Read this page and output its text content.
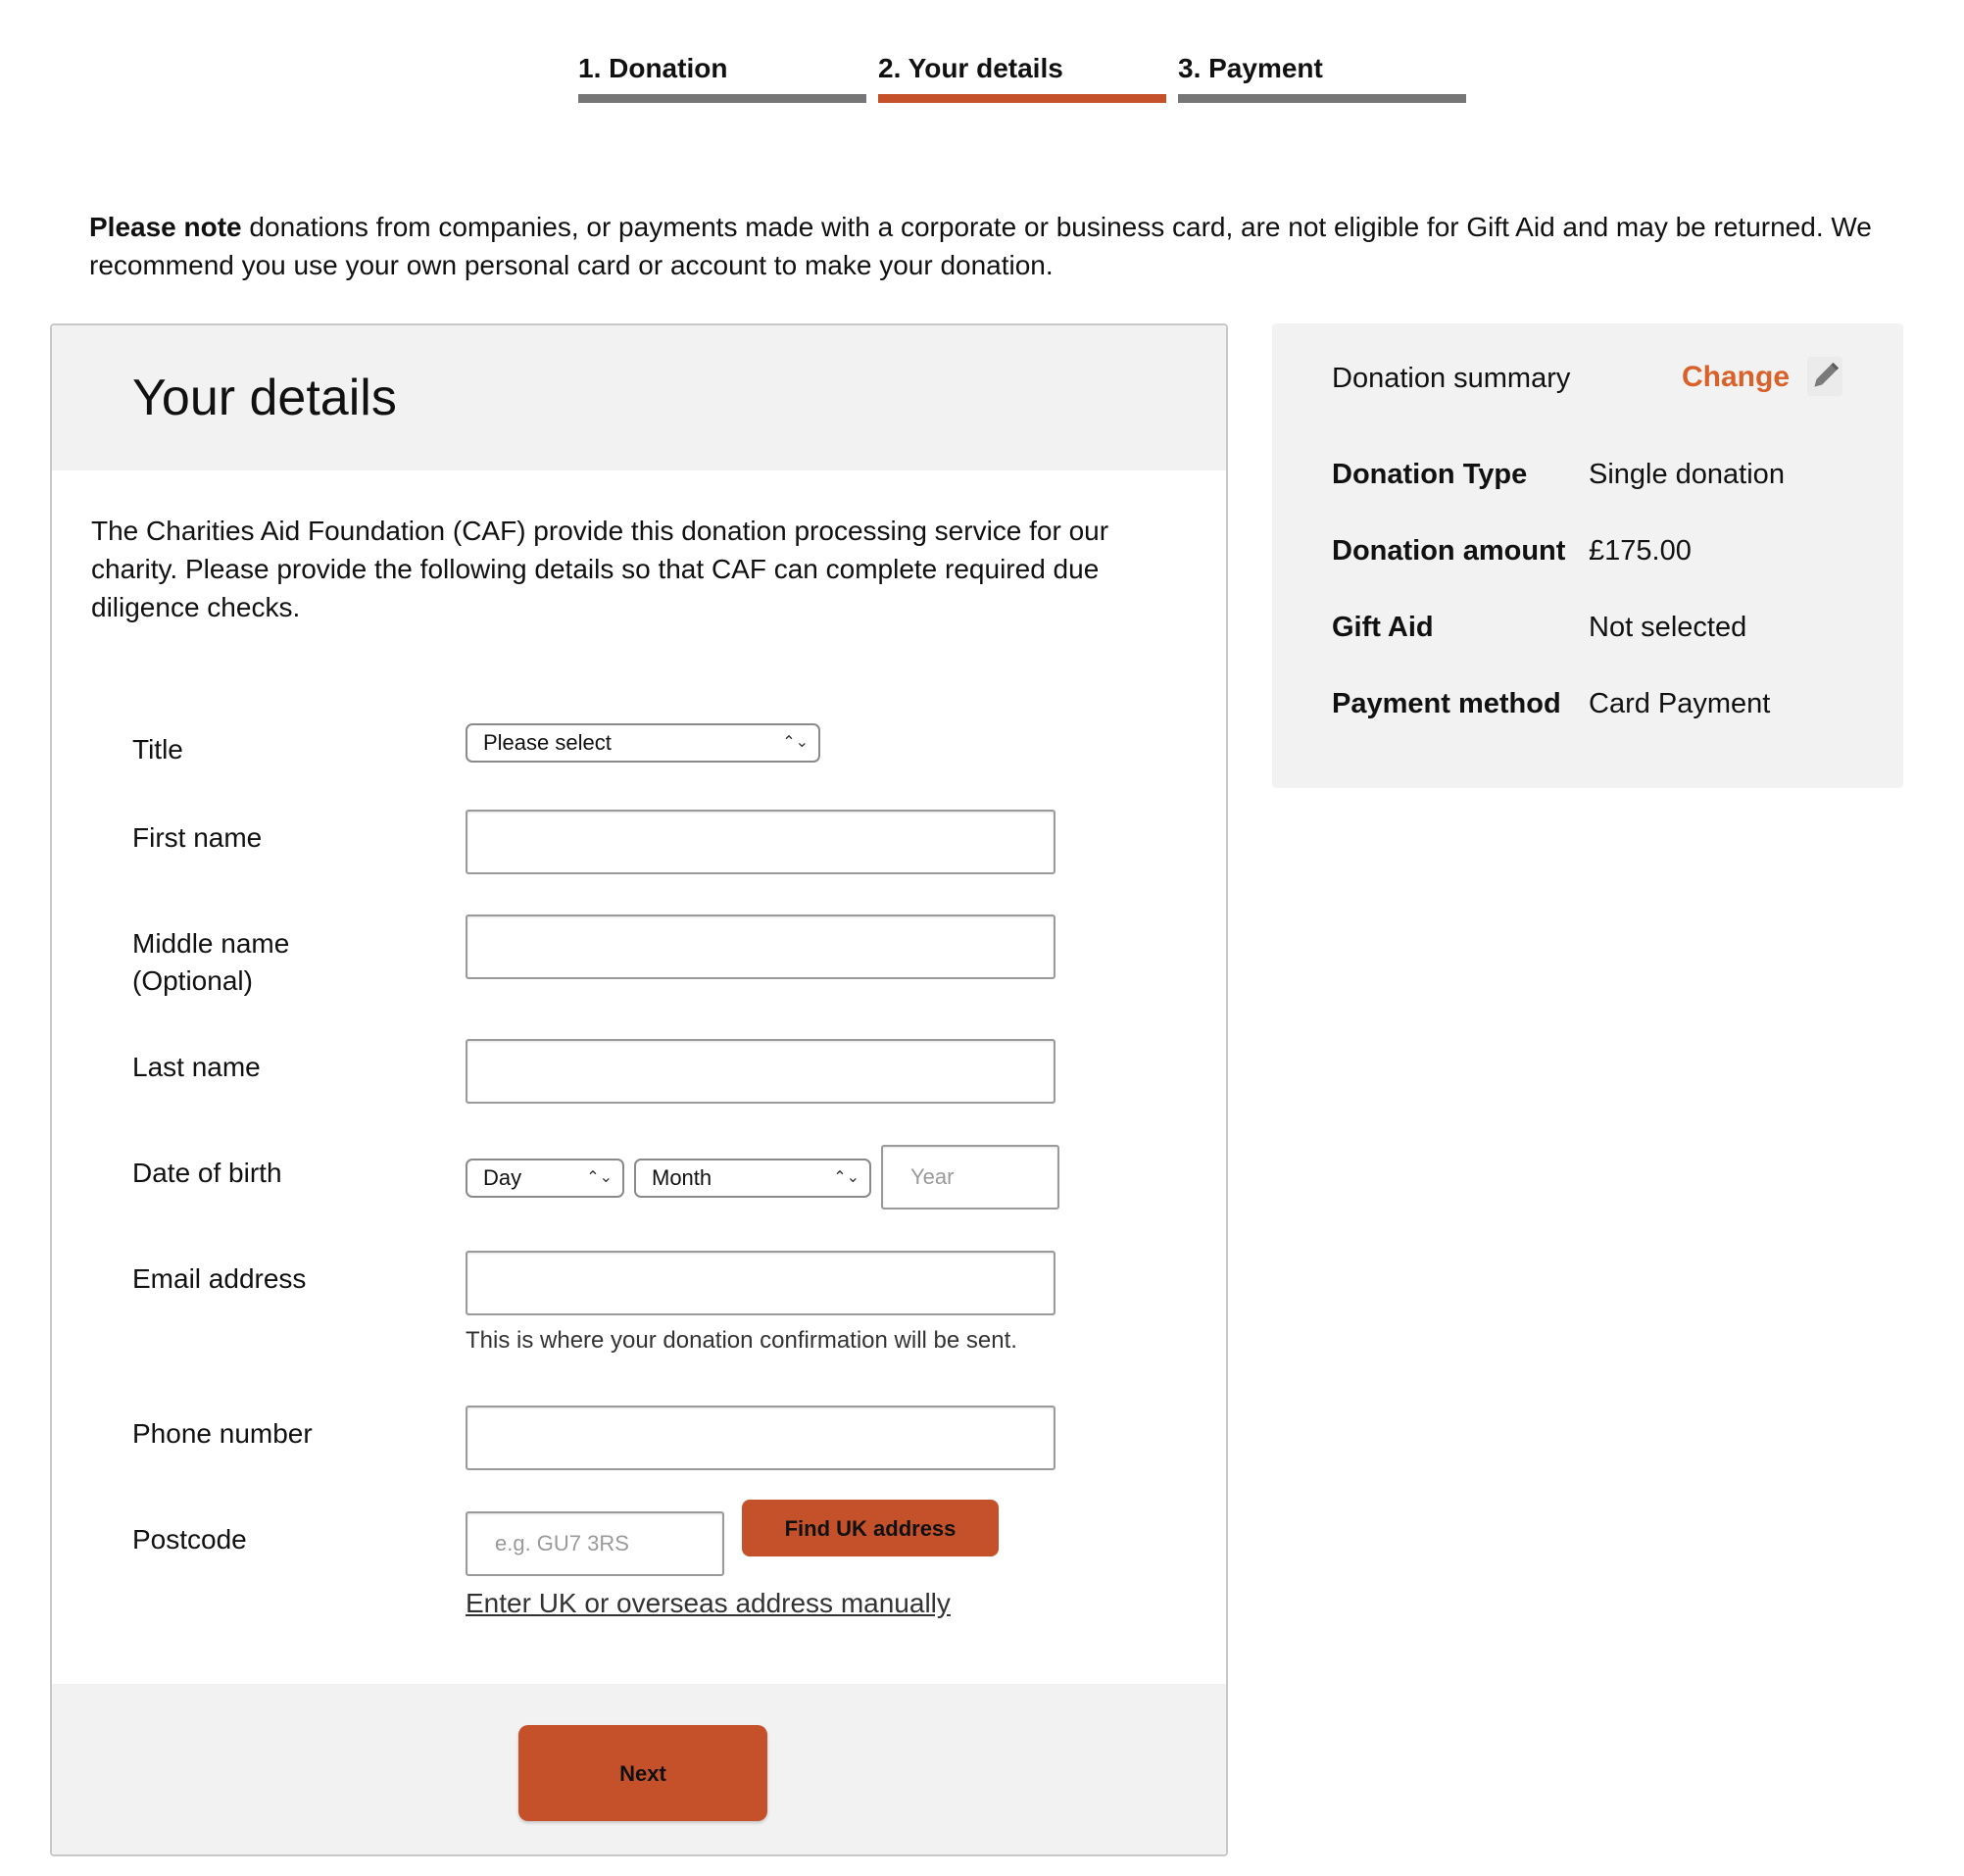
1. Donation	2. Your details	3. Payment
Please note donations from companies, or payments made with a corporate or business card, are not eligible for Gift Aid and may be returned. We recommend you use your own personal card or account to make your donation.
Your details
The Charities Aid Foundation (CAF) provide this donation processing service for our charity. Please provide the following details so that CAF can complete required due diligence checks.
Title	Please select	⌃⌄
First name
Middle name (Optional)
Last name
Date of birth	Day	⌃⌄	Month	⌃⌄	Year
Email address
This is where your donation confirmation will be sent.
Phone number
Postcode	e.g. GU7 3RS
Find UK address
Enter UK or overseas address manually
Next
Donation summary	Change
Donation Type Single donation
Donation amount £175.00
Gift Aid	Not selected
Payment method Card Payment
